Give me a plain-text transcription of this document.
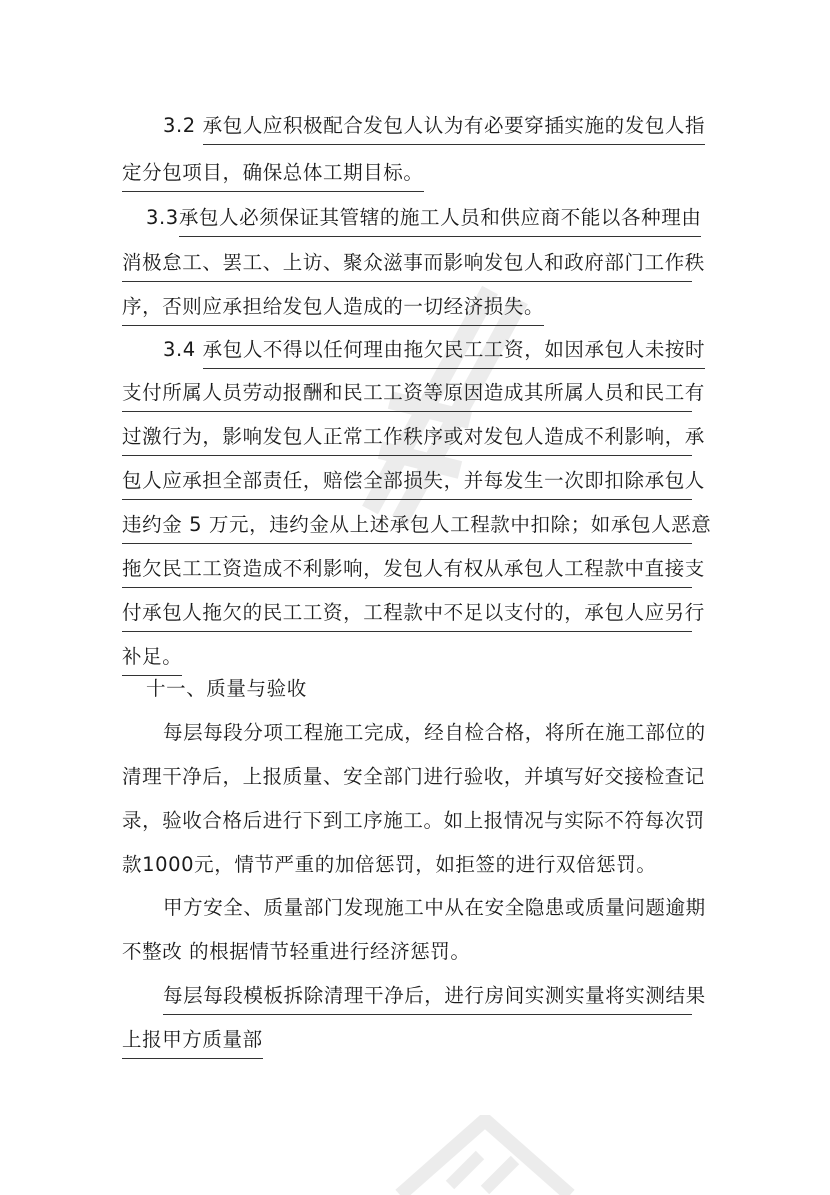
3.2 承包人应积极配合发包人认为有必要穿插实施的发包人指
定分包项目，确保总体工期目标。
3.3承包人必须保证其管辖的施工人员和供应商不能以各种理由
消极怠工、罢工、上访、聚众滋事而影响发包人和政府部门工作秩
序，否则应承担给发包人造成的一切经济损失。
3.4 承包人不得以任何理由拖欠民工工资，如因承包人未按时
支付所属人员劳动报酬和民工工资等原因造成其所属人员和民工有
过激行为，影响发包人正常工作秩序或对发包人造成不利影响，承
包人应承担全部责任，赔偿全部损失，并每发生一次即扣除承包人
违约金 5 万元，违约金从上述承包人工程款中扣除；如承包人恶意
拖欠民工工资造成不利影响，发包人有权从承包人工程款中直接支
付承包人拖欠的民工工资，工程款中不足以支付的，承包人应另行
补足。
十一、质量与验收
每层每段分项工程施工完成，经自检合格，将所在施工部位的
清理干净后，上报质量、安全部门进行验收，并填写好交接检查记
录，验收合格后进行下到工序施工。如上报情况与实际不符每次罚
款1000元，情节严重的加倍惩罚，如拒签的进行双倍惩罚。
甲方安全、质量部门发现施工中从在安全隐患或质量问题逾期
不整改 的根据情节轻重进行经济惩罚。
每层每段模板拆除清理干净后，进行房间实测实量将实测结果
上报甲方质量部
